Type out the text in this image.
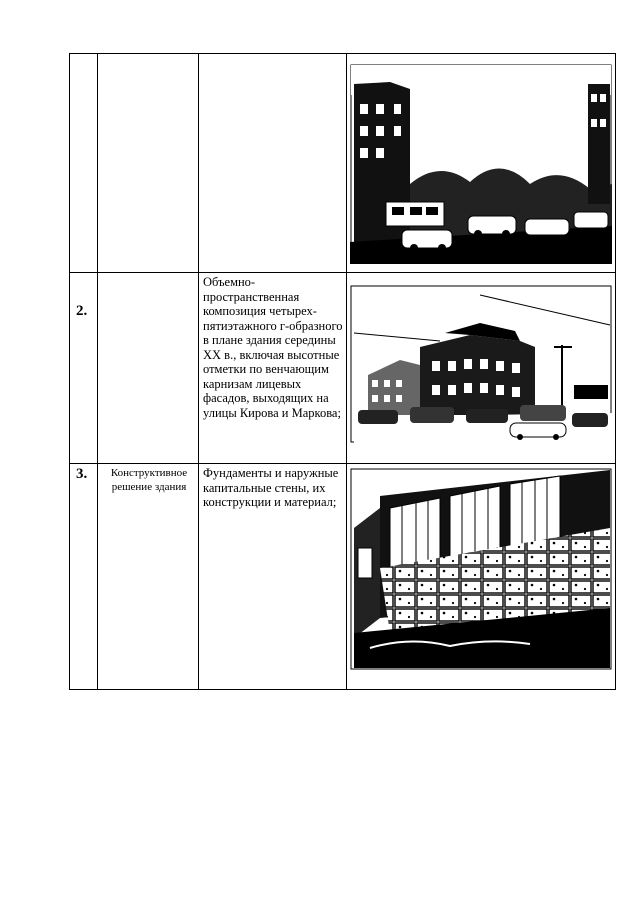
2.		Объемно-пространственная композиция четырех-пятиэтажного г-образного в плане здания середины XX в., включая высотные отметки по венчающим карнизам лицевых фасадов, выходящих на улицы Кирова и Маркова;

3.	Конструктивное решение здания	Фундаменты и наружные капитальные стены, их конструкции и материал;
